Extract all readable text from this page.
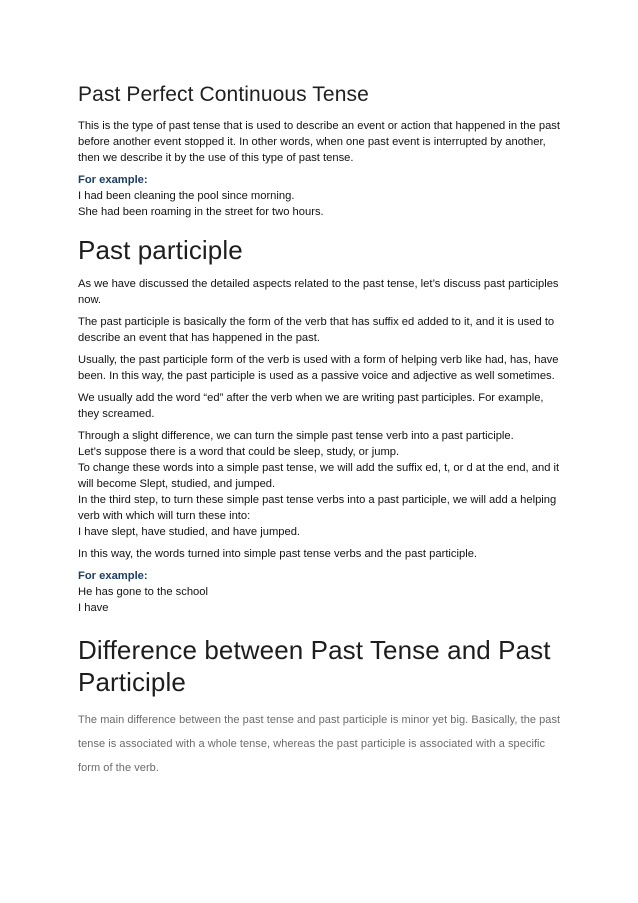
Past Perfect Continuous Tense

This is the type of past tense that is used to describe an event or action that happened in the past before another event stopped it. In other words, when one past event is interrupted by another, then we describe it by the use of this type of past tense.

For example:
I had been cleaning the pool since morning.
She had been roaming in the street for two hours.
Past participle

As we have discussed the detailed aspects related to the past tense, let’s discuss past participles now.

The past participle is basically the form of the verb that has suffix ed added to it, and it is used to describe an event that has happened in the past.

Usually, the past participle form of the verb is used with a form of helping verb like had, has, have been. In this way, the past participle is used as a passive voice and adjective as well sometimes.

We usually add the word “ed” after the verb when we are writing past participles. For example, they screamed.

Through a slight difference, we can turn the simple past tense verb into a past participle.
Let’s suppose there is a word that could be sleep, study, or jump.
To change these words into a simple past tense, we will add the suffix ed, t, or d at the end, and it will become Slept, studied, and jumped.
In the third step, to turn these simple past tense verbs into a past participle, we will add a helping verb with which will turn these into:
I have slept, have studied, and have jumped.

In this way, the words turned into simple past tense verbs and the past participle.

For example:
He has gone to the school
I have
Difference between Past Tense and Past Participle

The main difference between the past tense and past participle is minor yet big. Basically, the past tense is associated with a whole tense, whereas the past participle is associated with a specific form of the verb.
